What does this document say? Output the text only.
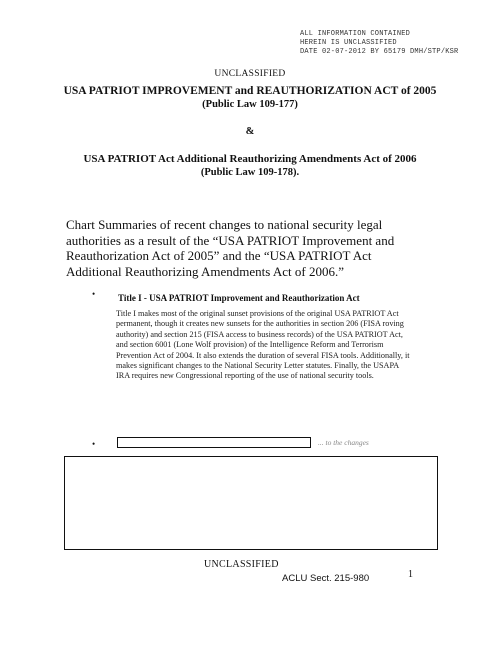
ALL INFORMATION CONTAINED
HEREIN IS UNCLASSIFIED
DATE 02-07-2012 BY 65179 DMH/STP/KSR
UNCLASSIFIED
USA PATRIOT IMPROVEMENT and REAUTHORIZATION ACT of 2005
(Public Law 109-177)
&
USA PATRIOT Act Additional Reauthorizing Amendments Act of 2006
(Public Law 109-178).
Chart Summaries of recent changes to national security legal authorities as a result of the “USA PATRIOT Improvement and Reauthorization Act of 2005” and the “USA PATRIOT Act Additional Reauthorizing Amendments Act of 2006.”
•	Title I - USA PATRIOT Improvement and Reauthorization Act
Title I makes most of the original sunset provisions of the original USA PATRIOT Act permanent, though it creates new sunsets for the authorities in section 206 (FISA roving authority) and section 215 (FISA access to business records) of the USA PATRIOT Act, and section 6001 (Lone Wolf provision) of the Intelligence Reform and Terrorism Prevention Act of 2004. It also extends the duration of several FISA tools. Additionally, it makes significant changes to the National Security Letter statutes. Finally, the USAPA IRA requires new Congressional reporting of the use of national security tools.
•	... to the changes
UNCLASSIFIED
ACLU Sect. 215-980	1
